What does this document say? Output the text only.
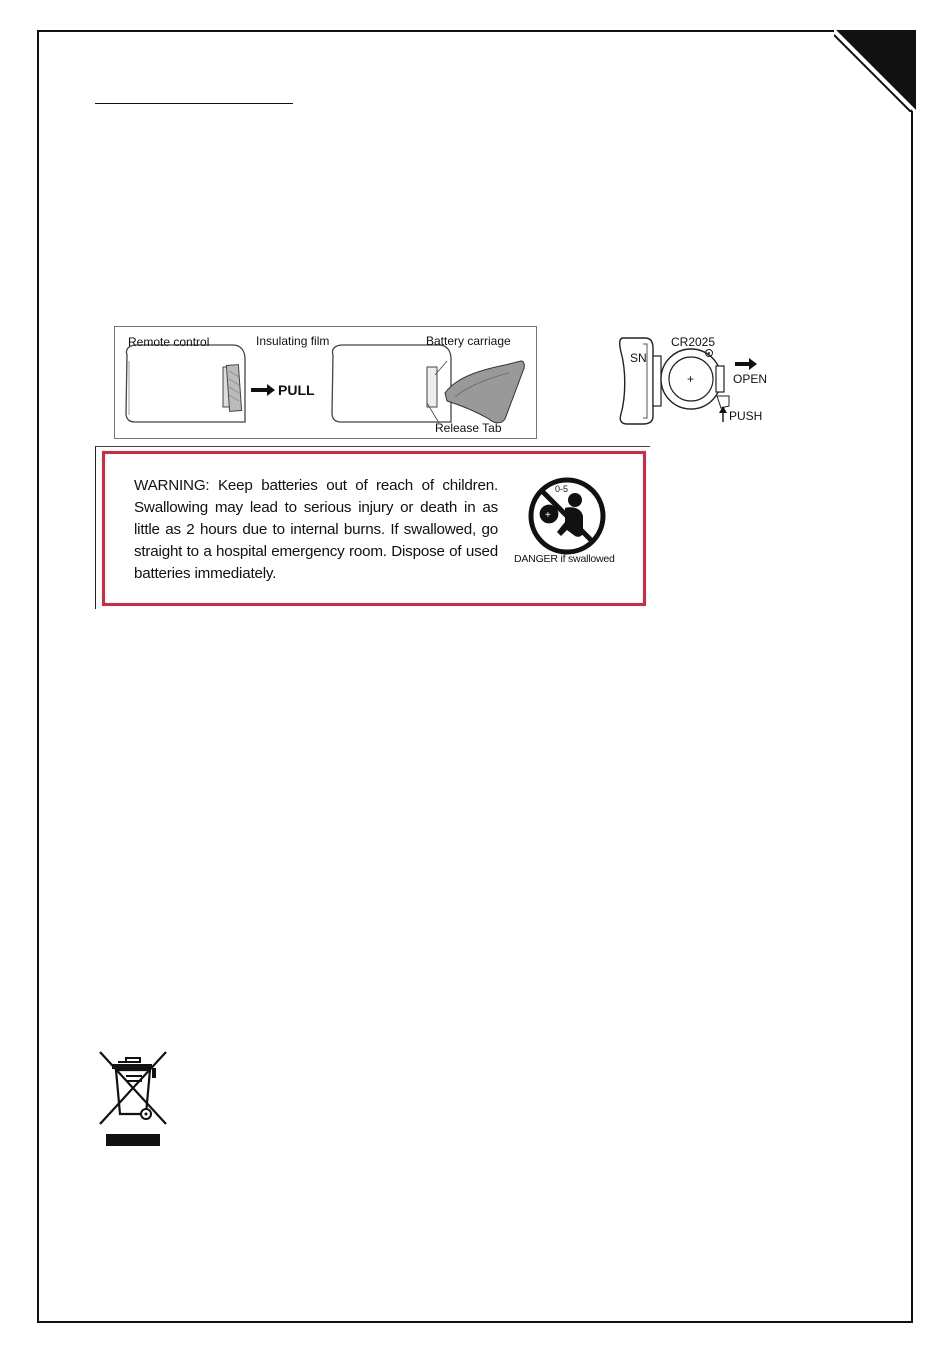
Remote control	Insulating film
PULL
Battery carriage
Release Tab
CR2025
SN
+	OPEN
PUSH
WARNING: Keep batteries out of reach of children. Swallowing may lead to serious injury or death in as little as 2 hours due to internal burns. If swallowed, go straight to a hospital emergency room. Dispose of used batteries immediately.
+
0-5
DANGER if swallowed
